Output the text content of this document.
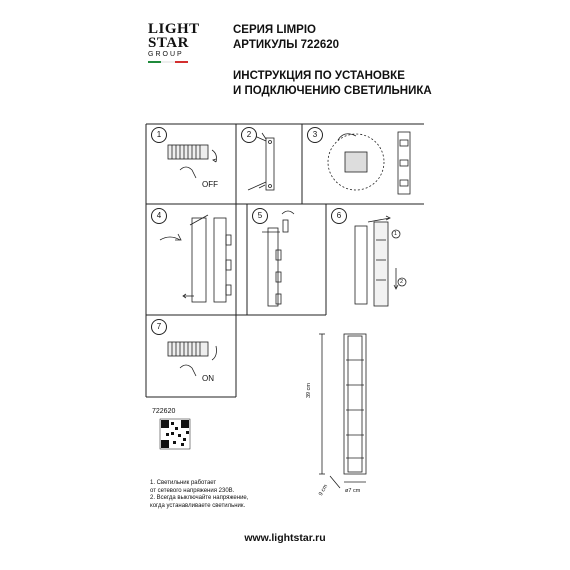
LIGHT
STAR
GROUP
СЕРИЯ LIMPIO
АРТИКУЛЫ 722620
ИНСТРУКЦИЯ ПО УСТАНОВКЕ
И ПОДКЛЮЧЕНИЮ СВЕТИЛЬНИКА
1	2	3
4	5	6
7
OFF
ON
1
2
39 cm
9 cm	ø7 cm
722620
1. Светильник работает
от сетевого напряжения 230В.
2. Всегда выключайте напряжение,
когда устанавливаете светильник.
www.lightstar.ru
